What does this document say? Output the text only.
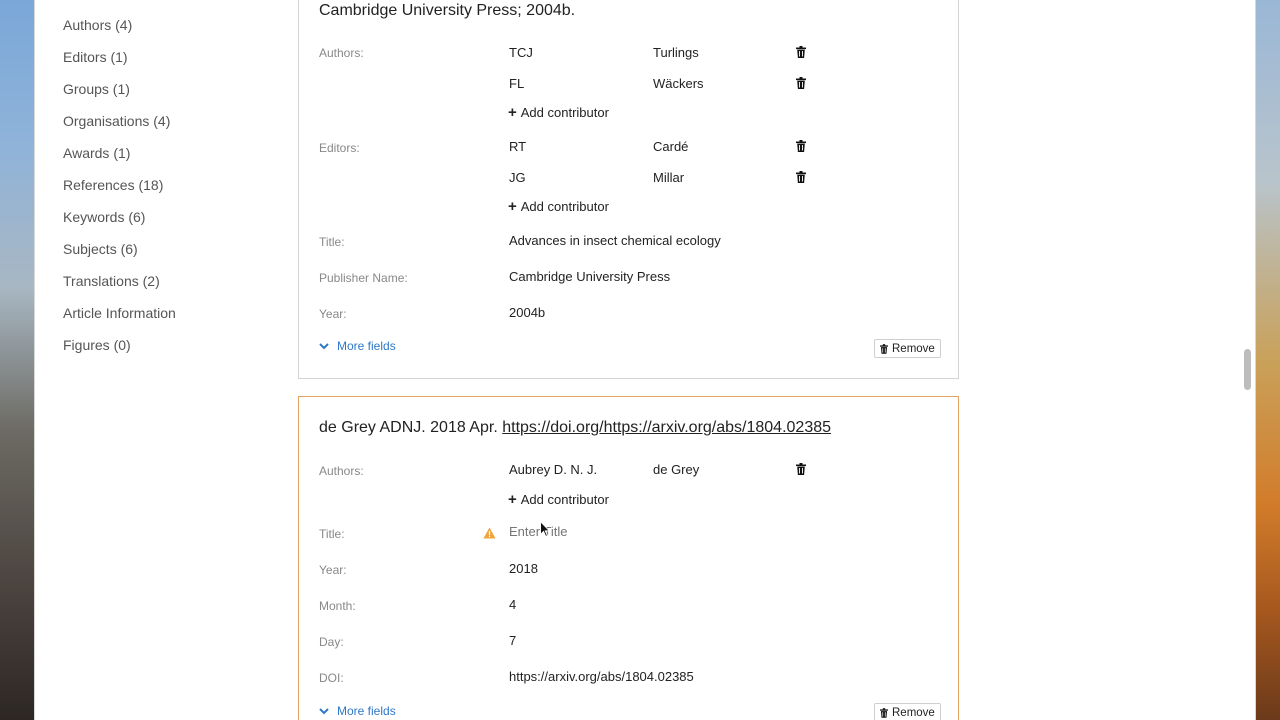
Authors (4)
Editors (1)
Groups (1)
Organisations (4)
Awards (1)
References (18)
Keywords (6)
Subjects (6)
Translations (2)
Article Information
Figures (0)
Cambridge University Press; 2004b.
Authors:	TCJ	Turlings
FL	Wäckers
+ Add contributor
Editors:	RT	Cardé
JG	Millar
+ Add contributor
Title:	Advances in insect chemical ecology
Publisher Name:	Cambridge University Press
Year:	2004b
More fields	Remove
de Grey ADNJ. 2018 Apr. https://doi.org/https://arxiv.org/abs/1804.02385
Authors:	Aubrey D. N. J.	de Grey
+ Add contributor
Title:
Enter Title
Year:	2018
Month:	4
Day:	7
DOI:	https://arxiv.org/abs/1804.02385
More fields	Remove
